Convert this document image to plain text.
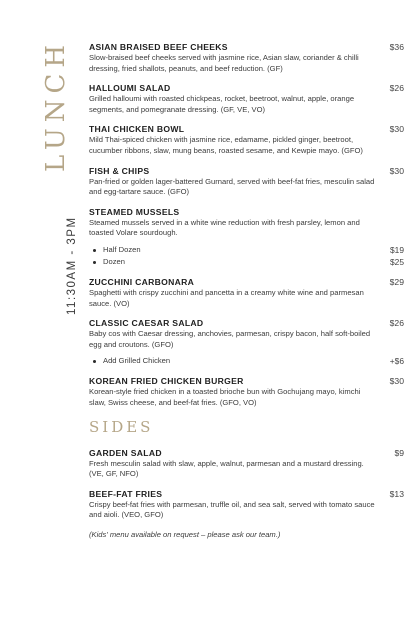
LUNCH
11:30AM - 3PM
ASIAN BRAISED BEEF CHEEKS	$36
Slow-braised beef cheeks served with jasmine rice, Asian slaw, coriander & chilli dressing, fried shallots, peanuts, and beef reduction. (GF)
HALLOUMI SALAD	$26
Grilled halloumi with roasted chickpeas, rocket, beetroot, walnut, apple, orange segments, and pomegranate dressing. (GF, VE, VO)
THAI CHICKEN BOWL	$30
Mild Thai-spiced chicken with jasmine rice, edamame, pickled ginger, beetroot, cucumber ribbons, slaw, mung beans, roasted sesame, and Kewpie mayo. (GFO)
FISH & CHIPS	$30
Pan-fried or golden lager-battered Gurnard, served with beef-fat fries, mesculin salad and egg-tartare sauce. (GFO)
STEAMED MUSSELS
Steamed mussels served in a white wine reduction with fresh parsley, lemon and toasted Volare sourdough.
Half Dozen	$19
Dozen	$25
ZUCCHINI CARBONARA	$29
Spaghetti with crispy zucchini and pancetta in a creamy white wine and parmesan sauce. (VO)
CLASSIC CAESAR SALAD	$26
Baby cos with Caesar dressing, anchovies, parmesan, crispy bacon, half soft-boiled egg and croutons. (GFO)
Add Grilled Chicken	+$6
KOREAN FRIED CHICKEN BURGER	$30
Korean-style fried chicken in a toasted brioche bun with Gochujang mayo, kimchi slaw, Swiss cheese, and beef-fat fries. (GFO, VO)
SIDES
GARDEN SALAD	$9
Fresh mesculin salad with slaw, apple, walnut, parmesan and a mustard dressing. (VE, GF, NFO)
BEEF-FAT FRIES	$13
Crispy beef-fat fries with parmesan, truffle oil, and sea salt, served with tomato sauce and aioli. (VEO, GFO)
(Kids' menu available on request – please ask our team.)
